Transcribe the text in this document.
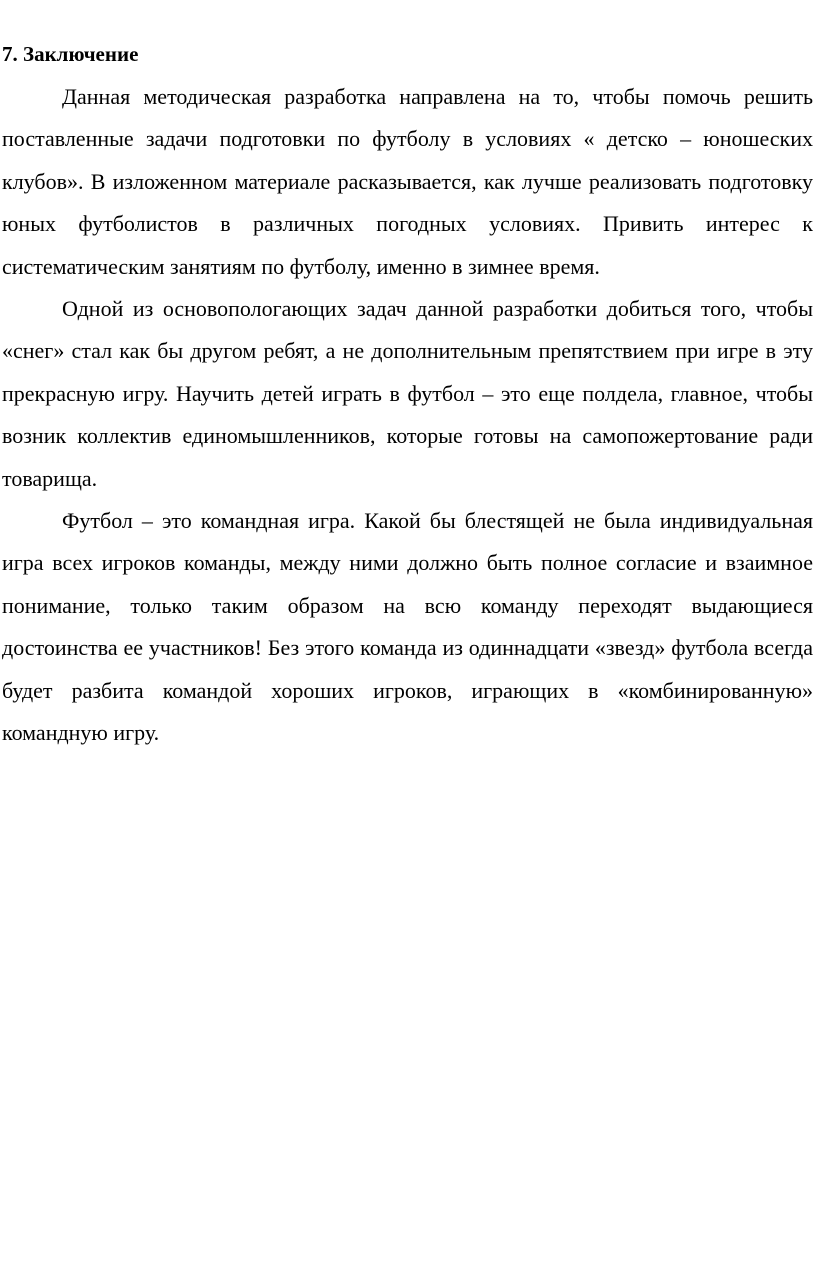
7. Заключение

Данная методическая разработка направлена на то, чтобы помочь решить поставленные задачи подготовки по футболу в условиях « детско – юношеских клубов». В изложенном материале расказывается, как лучше реализовать подготовку юных футболистов в различных погодных условиях. Привить интерес к систематическим занятиям по футболу, именно в зимнее время.

Одной из основопологающих задач данной разработки добиться того, чтобы «снег» стал как бы другом ребят, а не дополнительным препятствием при игре в эту прекрасную игру. Научить детей играть в футбол – это еще полдела, главное, чтобы возник коллектив единомышленников, которые готовы на самопожертование ради товарища.

Футбол – это командная игра. Какой бы блестящей не была индивидуальная игра всех игроков команды, между ними должно быть полное согласие и взаимное понимание, только таким образом на всю команду переходят выдающиеся достоинства ее участников! Без этого команда из одиннадцати «звезд» футбола всегда будет разбита командой хороших игроков, играющих в «комбинированную» командную игру.
